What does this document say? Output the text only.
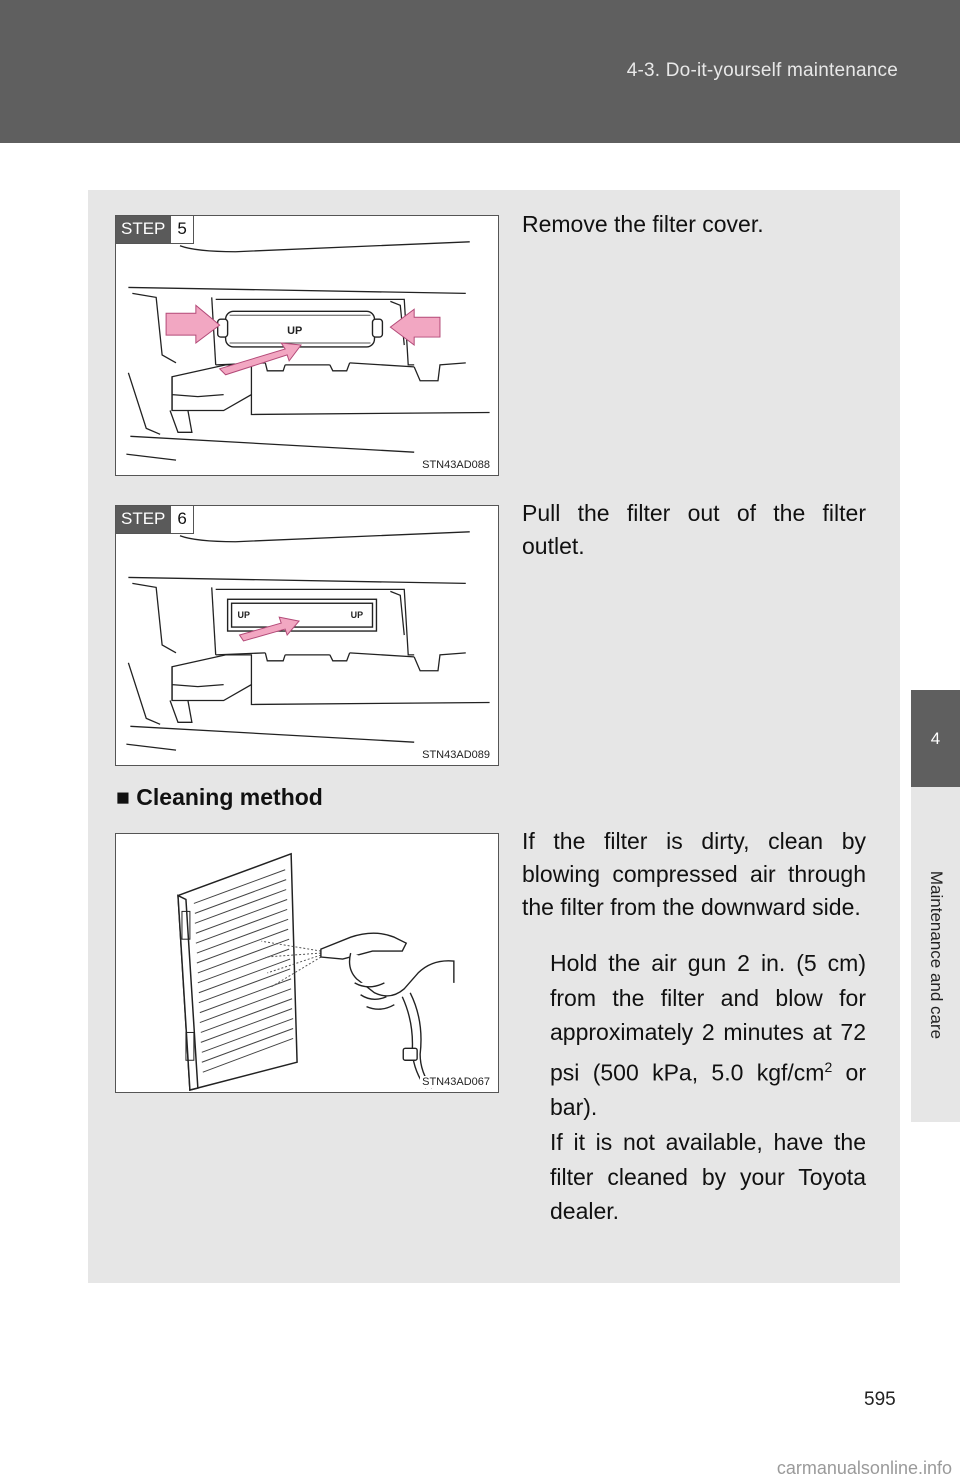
4-3. Do-it-yourself maintenance
4
Maintenance and care
STEP 5
UP
STN43AD088
STEP 6
UP	UP
STN43AD089
STN43AD067
Remove the filter cover.
Pull the filter out of the filter outlet.
■ Cleaning method
If the filter is dirty, clean by blowing compressed air through the filter from the downward side.
Hold the air gun 2 in. (5 cm) from the filter and blow for approximately 2 minutes at 72 psi (500 kPa, 5.0 kgf/$cm^2$ or bar).
If it is not available, have the filter cleaned by your Toyota dealer.
595
carmanualsonline.info
